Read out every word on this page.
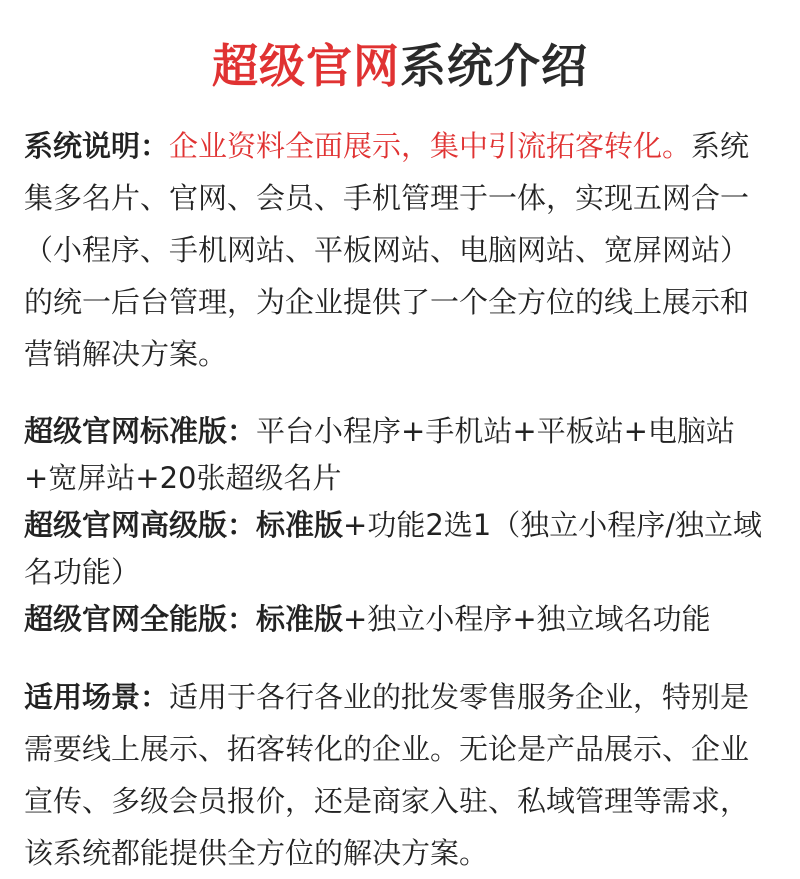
超级官网系统介绍

系统说明：企业资料全面展示，集中引流拓客转化。系统集多名片、官网、会员、手机管理于一体，实现五网合一（小程序、手机网站、平板网站、电脑网站、宽屏网站）的统一后台管理，为企业提供了一个全方位的线上展示和营销解决方案。

超级官网标准版：平台小程序+手机站+平板站+电脑站+宽屏站+20张超级名片
超级官网高级版：标准版+功能2选1（独立小程序/独立域名功能）
超级官网全能版：标准版+独立小程序+独立域名功能

适用场景：适用于各行各业的批发零售服务企业，特别是需要线上展示、拓客转化的企业。无论是产品展示、企业宣传、多级会员报价，还是商家入驻、私域管理等需求，该系统都能提供全方位的解决方案。
